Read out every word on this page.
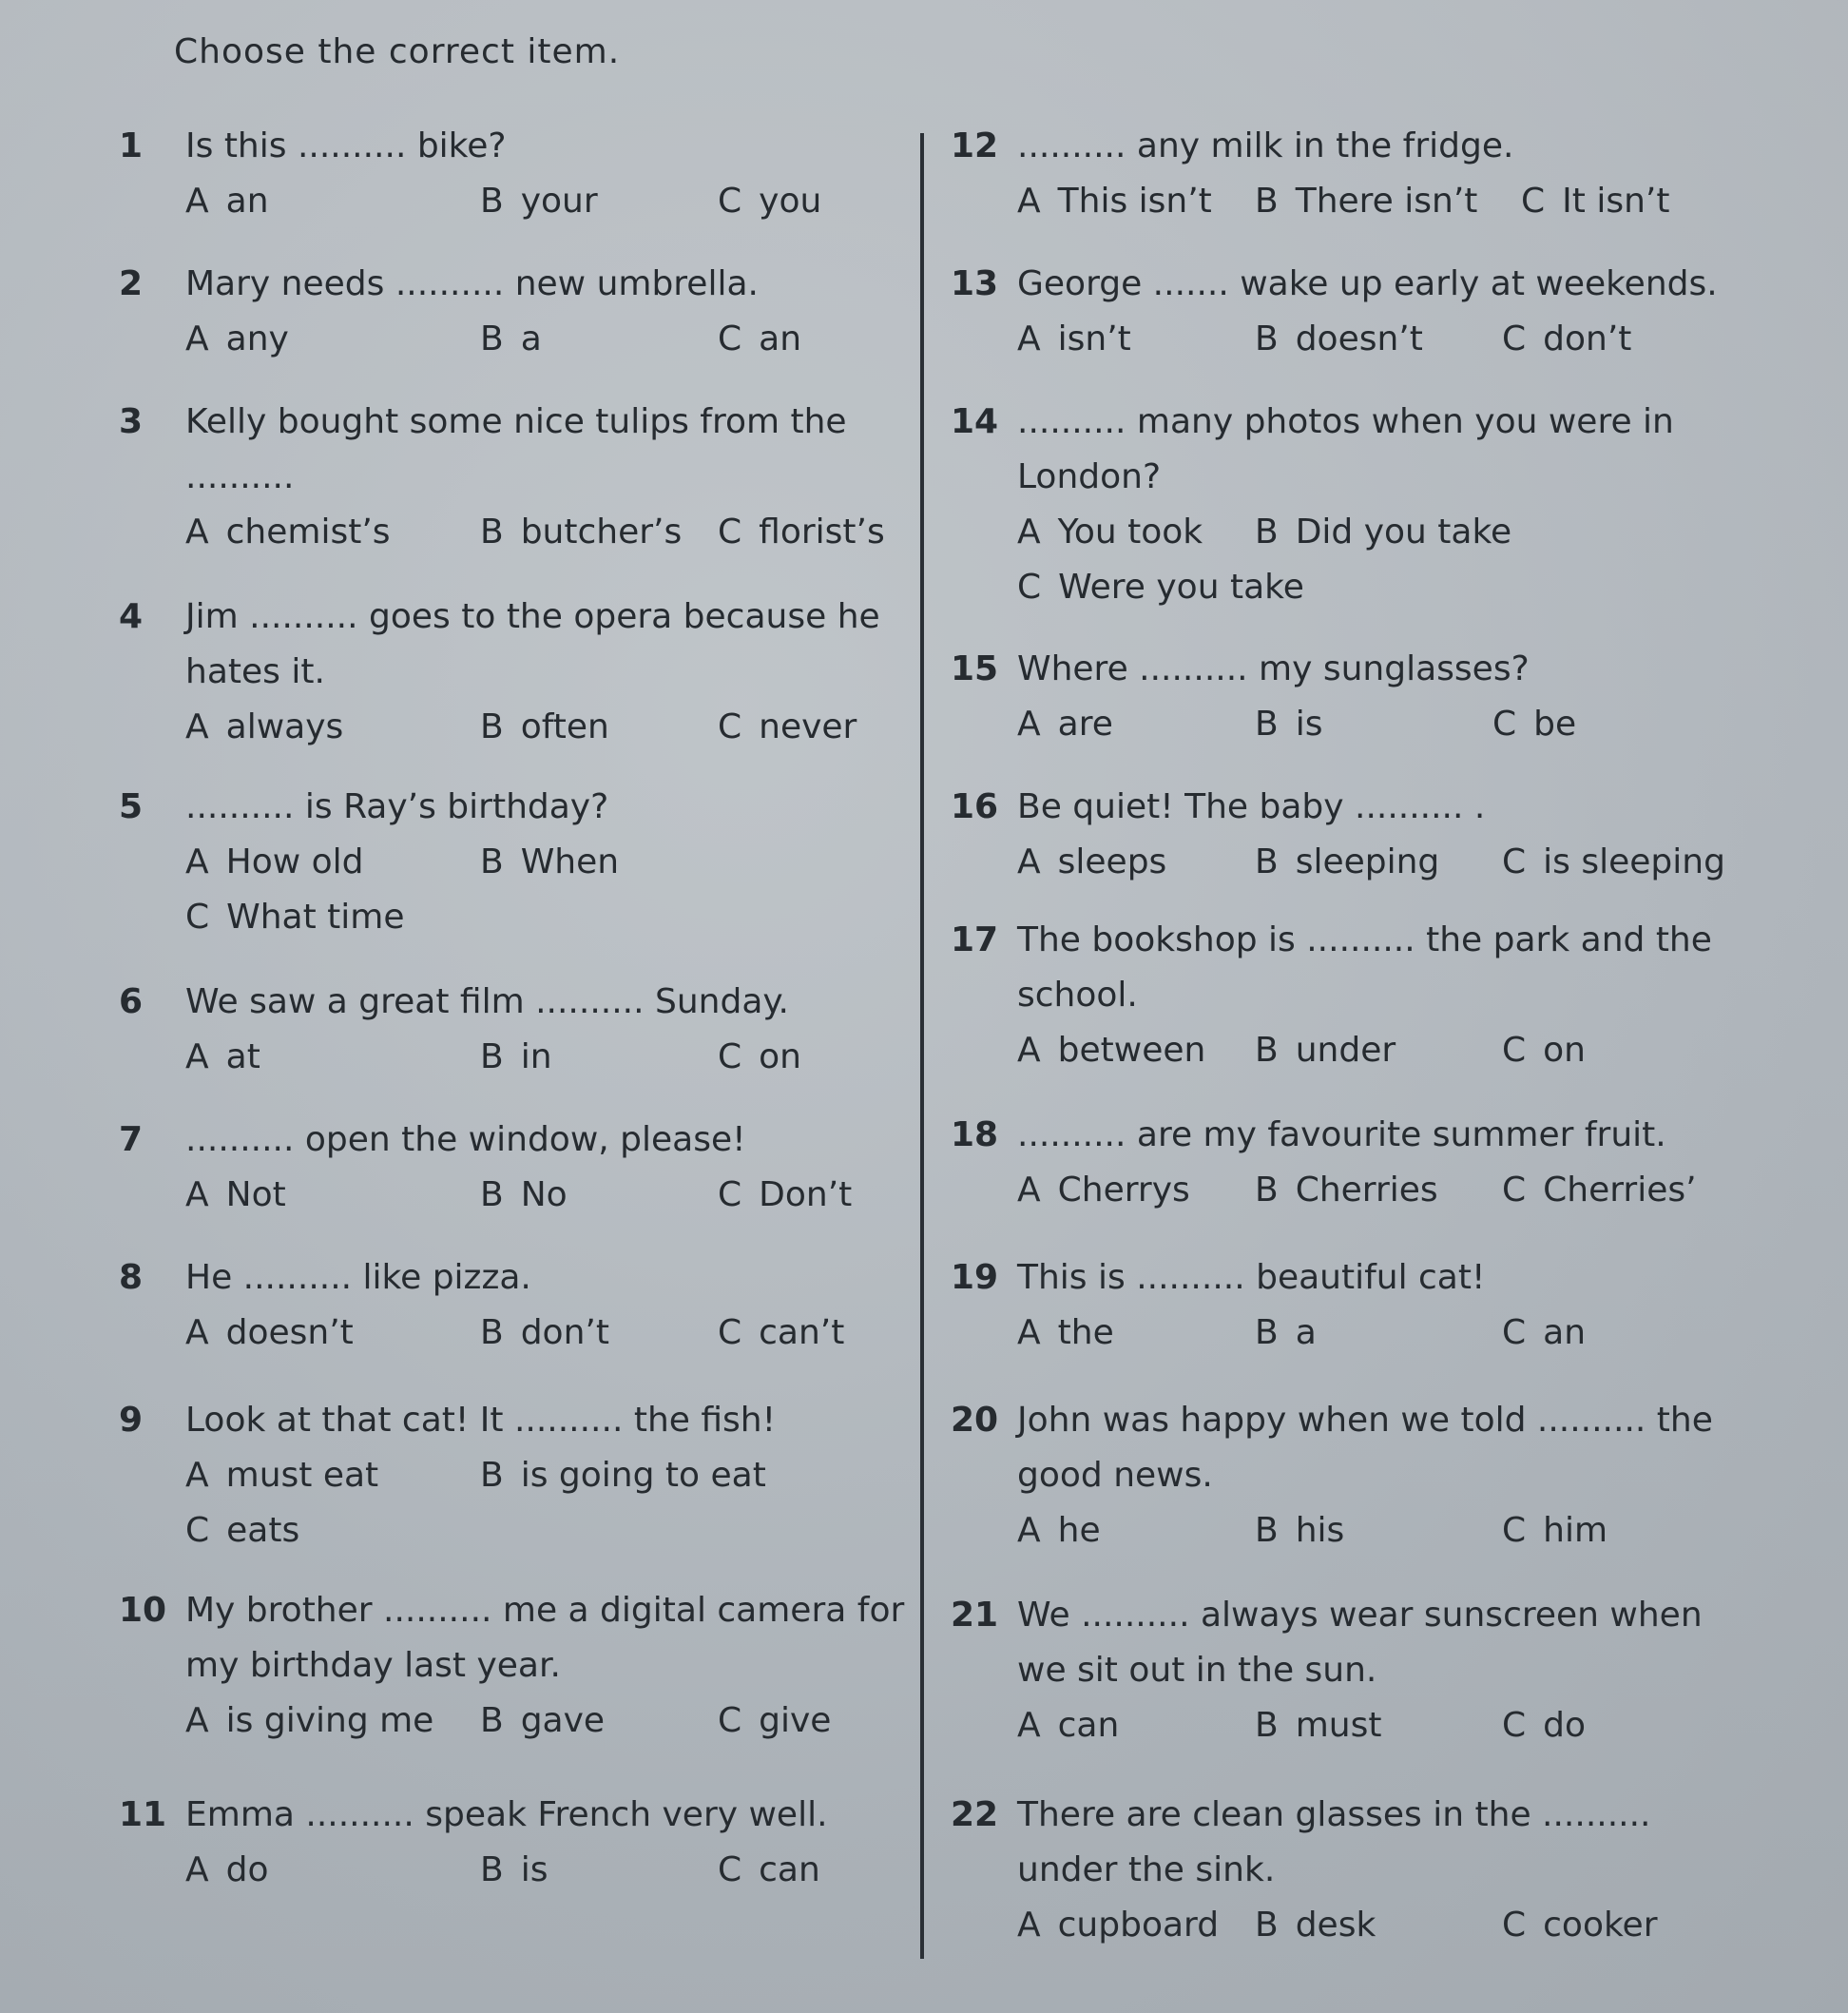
Choose the correct item.
1	Is this .......... bike?
A an	B your	C you
2	Mary needs .......... new umbrella.
A any	B a	C an
3	Kelly bought some nice tulips from the ..........
A chemist’s	B butcher’s C florist’s
4	Jim .......... goes to the opera because he hates it.
A always	B often	C never
5	.......... is Ray’s birthday?
A How old	B When
C What time
6	We saw a great film .......... Sunday.
A at	B in	C on
7	.......... open the window, please!
A Not	B No	C Don’t
8	He .......... like pizza.
A doesn’t	B don’t	C can’t
9	Look at that cat! It .......... the fish!
A must eat	B is going to eat
C eats
10 My brother .......... me a digital camera for my birthday last year.
A is giving me B gave	C give
11 Emma .......... speak French very well.
A do	B is	C can
12 .......... any milk in the fridge.
A This isn’t B There isn’t C It isn’t
13 George ....... wake up early at weekends.
A isn’t	B doesn’t C don’t
14 .......... many photos when you were in London?
A You took B Did you take
C Were you take
15 Where .......... my sunglasses?
A are	B is	C be
16 Be quiet! The baby .......... .
A sleeps	B sleeping C is sleeping
17 The bookshop is .......... the park and the school.
A between B under	C on
18 .......... are my favourite summer fruit.
A Cherrys B Cherries C Cherries’
19 This is .......... beautiful cat!
A the	B a	C an
20 John was happy when we told .......... the good news.
A he	B his	C him
21 We .......... always wear sunscreen when we sit out in the sun.
A can	B must	C do
22 There are clean glasses in the .......... under the sink.
A cupboard B desk	C cooker
